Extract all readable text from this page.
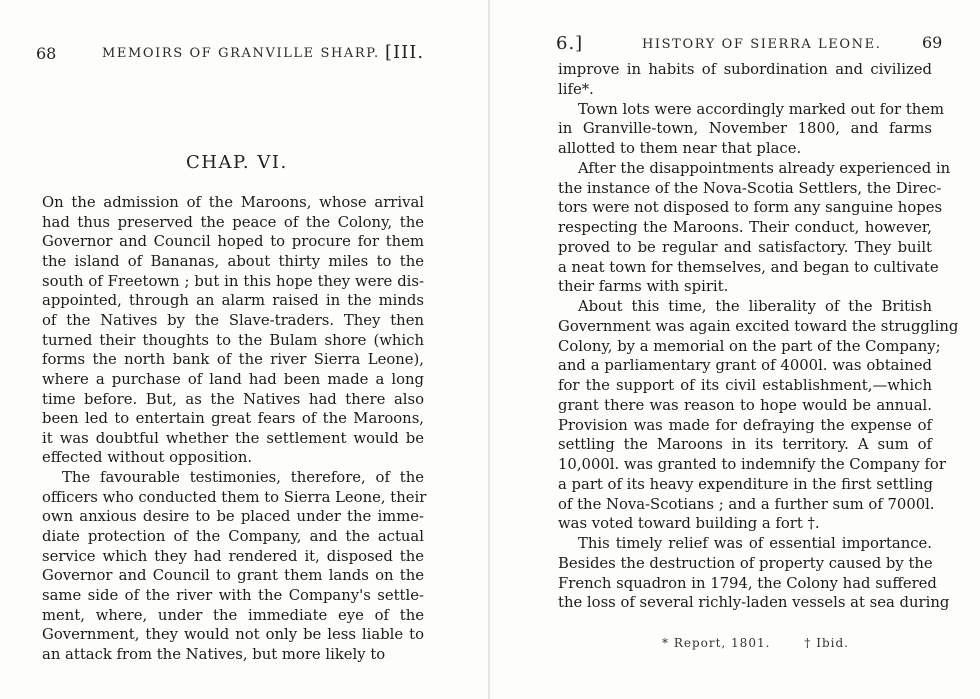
68	MEMOIRS OF GRANVILLE SHARP. [III.
CHAP. VI.
On the admission of the Maroons, whose arrival
had thus preserved the peace of the Colony, the
Governor and Council hoped to procure for them
the island of Bananas, about thirty miles to the
south of Freetown ; but in this hope they were dis-
appointed, through an alarm raised in the minds
of the Natives by the Slave-traders. They then
turned their thoughts to the Bulam shore (which
forms the north bank of the river Sierra Leone),
where a purchase of land had been made a long
time before. But, as the Natives had there also
been led to entertain great fears of the Maroons,
it was doubtful whether the settlement would be
effected without opposition.
The favourable testimonies, therefore, of the
officers who conducted them to Sierra Leone, their
own anxious desire to be placed under the imme-
diate protection of the Company, and the actual
service which they had rendered it, disposed the
Governor and Council to grant them lands on the
same side of the river with the Company's settle-
ment, where, under the immediate eye of the
Government, they would not only be less liable to
an attack from the Natives, but more likely to
6.]	HISTORY OF SIERRA LEONE.	69
improve in habits of subordination and civilized
life*.
Town lots were accordingly marked out for them
in Granville-town, November 1800, and farms
allotted to them near that place.
After the disappointments already experienced in
the instance of the Nova-Scotia Settlers, the Direc-
tors were not disposed to form any sanguine hopes
respecting the Maroons. Their conduct, however,
proved to be regular and satisfactory. They built
a neat town for themselves, and began to cultivate
their farms with spirit.
About this time, the liberality of the British
Government was again excited toward the struggling
Colony, by a memorial on the part of the Company;
and a parliamentary grant of 4000l. was obtained
for the support of its civil establishment,—which
grant there was reason to hope would be annual.
Provision was made for defraying the expense of
settling the Maroons in its territory. A sum of
10,000l. was granted to indemnify the Company for
a part of its heavy expenditure in the first settling
of the Nova-Scotians ; and a further sum of 7000l.
was voted toward building a fort †.
This timely relief was of essential importance.
Besides the destruction of property caused by the
French squadron in 1794, the Colony had suffered
the loss of several richly-laden vessels at sea during
* Report, 1801.	† Ibid.
